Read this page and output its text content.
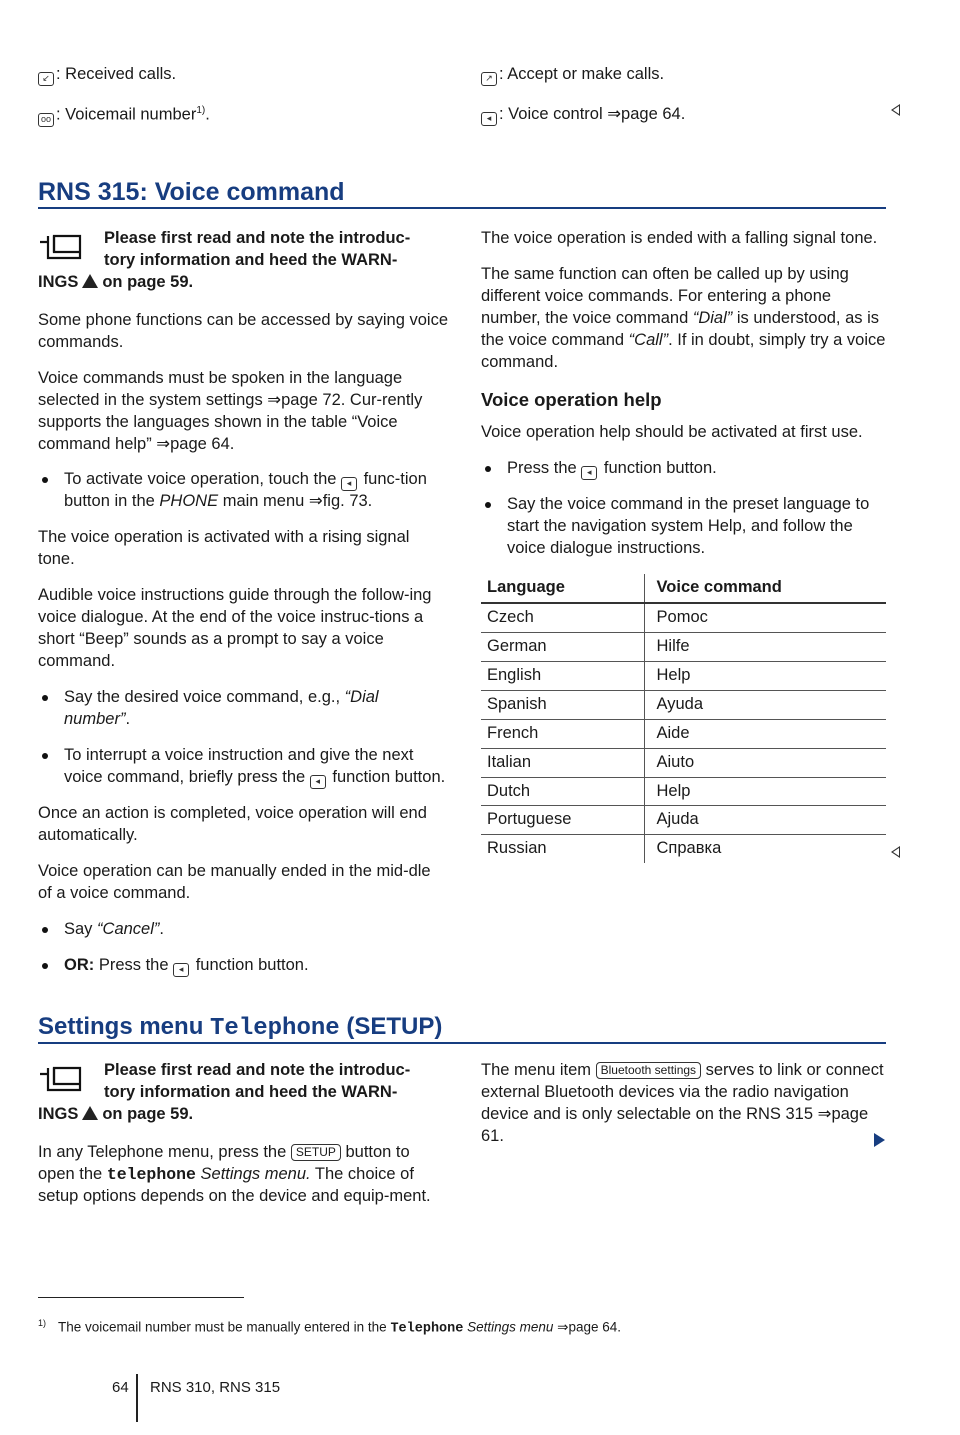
↙ : Received calls.

oo : Voicemail number$^{1)}$.

↗ : Accept or make calls.

◂ : Voice control ⇒page 64.

RNS 315: Voice command
Please first read and note the introduc-
tory information and heed the WARN-
INGS on page 59.

Some phone functions can be accessed by saying voice commands.

Voice commands must be spoken in the language selected in the system settings ⇒page 72. Cur-rently supports the languages shown in the table “Voice command help” ⇒page 64.

To activate voice operation, touch the ◂ func-tion button in the PHONE main menu ⇒fig. 73.

The voice operation is activated with a rising signal tone.

Audible voice instructions guide through the follow-ing voice dialogue. At the end of the voice instruc-tions a short “Beep” sounds as a prompt to say a voice command.

Say the desired voice command, e.g., “Dial number”.
To interrupt a voice instruction and give the next voice command, briefly press the ◂ function button.

Once an action is completed, voice operation will end automatically.

Voice operation can be manually ended in the mid-dle of a voice command.

Say “Cancel”.
OR: Press the ◂ function button.

The voice operation is ended with a falling signal tone.

The same function can often be called up by using different voice commands. For entering a phone number, the voice command “Dial” is understood, as is the voice command “Call”. If in doubt, simply try a voice command.

Voice operation help

Voice operation help should be activated at first use.

Press the ◂ function button.
Say the voice command in the preset language to start the navigation system Help, and follow the voice dialogue instructions.
Language	Voice command
Czech	Pomoc
German	Hilfe
English	Help
Spanish	Ayuda
French	Aide
Italian	Aiuto
Dutch	Help
Portuguese	Ajuda
Russian	Справка
Settings menu Telephone (SETUP)
Please first read and note the introduc-
tory information and heed the WARN-
INGS on page 59.

In any Telephone menu, press the SETUP button to open the telephone Settings menu. The choice of setup options depends on the device and equip-ment.

The menu item Bluetooth settings serves to link or connect external Bluetooth devices via the radio navigation device and is only selectable on the RNS 315 ⇒page 61.

$^{1)}$ The voicemail number must be manually entered in the Telephone Settings menu ⇒page 64.
64 RNS 310, RNS 315
